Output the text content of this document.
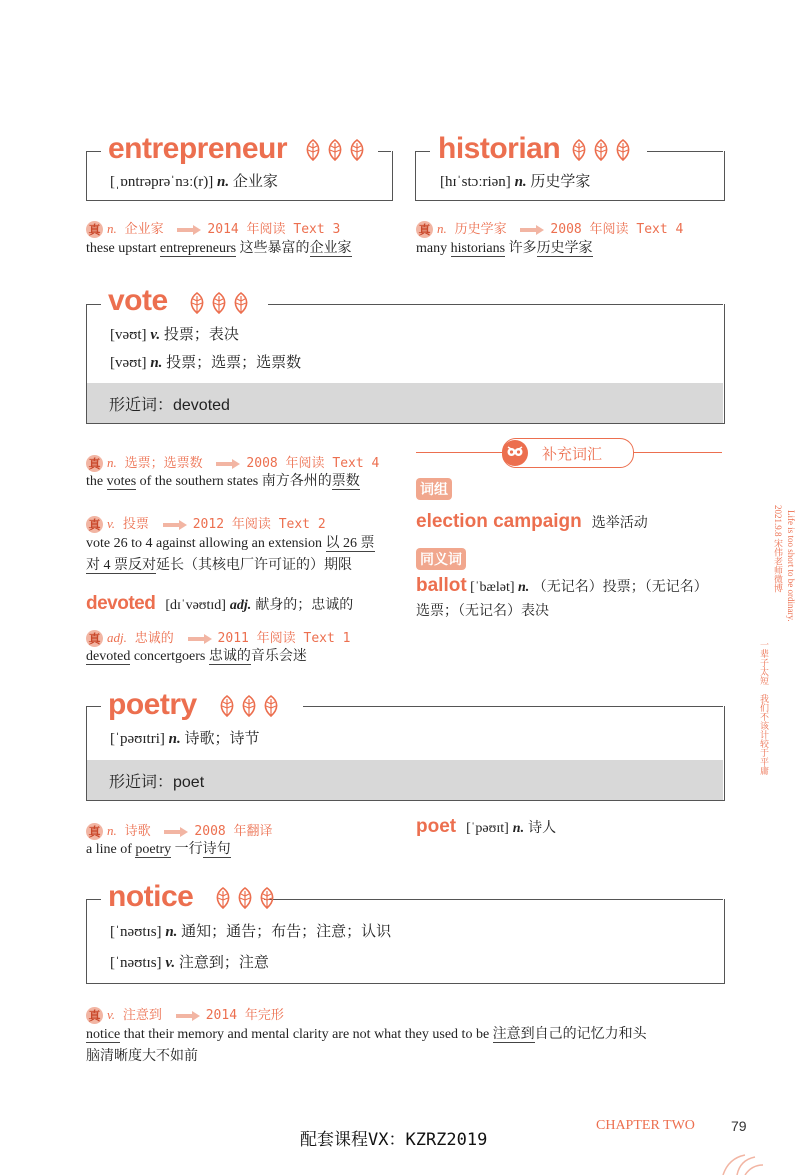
entrepreneur
[ˌɒntrəprəˈnɜː(r)] n. 企业家
真 n. 企业家	2014 年阅读 Text 3
these upstart entrepreneurs 这些暴富的企业家
historian
[hɪˈstɔːriən] n. 历史学家
真 n. 历史学家	2008 年阅读 Text 4
many historians 许多历史学家
vote
[vəʊt] v. 投票；表决
[vəʊt] n. 投票；选票；选票数
形近词：devoted
真 n. 选票；选票数	2008 年阅读 Text 4
the votes of the southern states 南方各州的票数
真 v. 投票	2012 年阅读 Text 2
vote 26 to 4 against allowing an extension 以 26 票
对 4 票反对延长（其核电厂许可证的）期限
devoted [dɪˈvəʊtɪd] adj. 献身的；忠诚的
真 adj. 忠诚的	2011 年阅读 Text 1
devoted concertgoers 忠诚的音乐会迷
补充词汇
词组
election campaign 选举活动
同义词
ballot [ˈbælət] n. （无记名）投票；（无记名）
选票；（无记名）表决
poetry
[ˈpəʊɪtri] n. 诗歌；诗节
形近词：poet
真 n. 诗歌	2008 年翻译
a line of poetry 一行诗句
poet [ˈpəʊɪt] n. 诗人
notice
[ˈnəʊtɪs] n. 通知；通告；布告；注意；认识
[ˈnəʊtɪs] v. 注意到；注意
真 v. 注意到	2014 年完形
notice that their memory and mental clarity are not what they used to be 注意到自己的记忆力和头
脑清晰度大不如前
一辈子太短　我们不该计较于平庸
2021.9.8 宋伟老师微博 Life is too short to be ordinary.
配套课程VX：KZRZ2019
CHAPTER TWO	79
